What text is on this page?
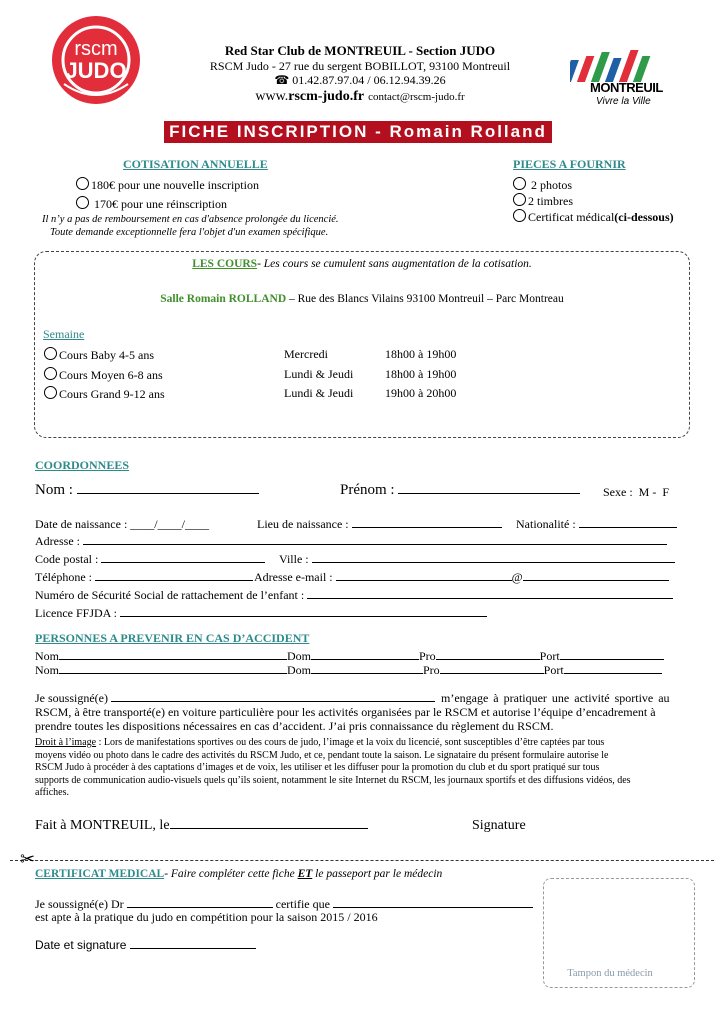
rscm
JUDO
Red Star Club de MONTREUIL - Section JUDO
RSCM Judo - 27 rue du sergent BOBILLOT, 93100 Montreuil
☎ 01.42.87.97.04 / 06.12.94.39.26
www.rscm-judo.fr contact@rscm-judo.fr
MONTREUIL
Vivre la Ville
FICHE INSCRIPTION - Romain Rolland
COTISATION ANNUELLE
180€ pour une nouvelle inscription
170€ pour une réinscription
Il n’y a pas de remboursement en cas d'absence prolongée du licencié.
Toute demande exceptionnelle fera l'objet d'un examen spécifique.
PIECES A FOURNIR
2 photos
2 timbres
Certificat médical(ci-dessous)
LES COURS- Les cours se cumulent sans augmentation de la cotisation.
Salle Romain ROLLAND – Rue des Blancs Vilains 93100 Montreuil – Parc Montreau
Semaine
Cours Baby 4-5 ans	Mercredi	18h00 à 19h00
Cours Moyen 6-8 ans	Lundi & Jeudi	18h00 à 19h00
Cours Grand 9-12 ans	Lundi & Jeudi	19h00 à 20h00
COORDONNEES
Nom :	Prénom :	Sexe :  M -  F
Date de naissance : ____/____/____	Lieu de naissance :	Nationalité :
Adresse :
Code postal :	Ville :
Téléphone :	Adresse e-mail :	@
Numéro de Sécurité Social de rattachement de l’enfant :
Licence FFJDA :
PERSONNES A PREVENIR EN CAS D’ACCIDENT
Nom	Dom	Pro	Port
Nom	Dom	Pro	Port
Je soussigné(e)	m’engage à pratiquer une activité sportive au
RSCM, à être transporté(e) en voiture particulière pour les activités organisées par le RSCM et autorise l’équipe d’encadrement à
prendre toutes les dispositions nécessaires en cas d’accident. J’ai pris connaissance du règlement du RSCM.
Droit à l’image : Lors de manifestations sportives ou des cours de judo, l’image et la voix du licencié, sont susceptibles d’être captées par tous
moyens vidéo ou photo dans le cadre des activités du RSCM Judo, et ce, pendant toute la saison. Le signataire du présent formulaire autorise le
RSCM Judo à procéder à des captations d’images et de voix, les utiliser et les diffuser pour la promotion du club et du sport pratiqué sur tous
supports de communication audio-visuels quels qu’ils soient, notamment le site Internet du RSCM, les journaux sportifs et des diffusions vidéos, des
affiches.
Fait à MONTREUIL, le	Signature
✂
CERTIFICAT MEDICAL- Faire compléter cette fiche ET le passeport par le médecin
Je soussigné(e) Dr	certifie que
est apte à la pratique du judo en compétition pour la saison 2015 / 2016
Date et signature
Tampon du médecin
